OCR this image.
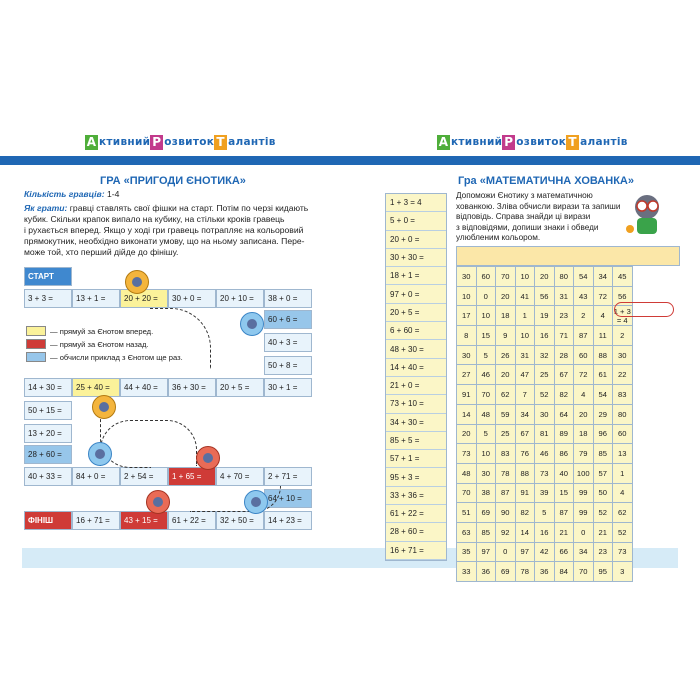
А ктивний Р озвиток Т алантів	А ктивний Р озвиток Т алантів
ГРА «ПРИГОДИ ЄНОТИКА»
Кількість гравців: 1-4
Як грати: гравці ставлять свої фішки на старт. Потім по черзі кидають
кубик. Скільки крапок випало на кубику, на стільки кроків гравець
і рухається вперед. Якщо у ході гри гравець потрапляє на кольоровий
прямокутник, необхідно виконати умову, що на ньому записана. Пере-
може той, хто перший дійде до фінішу.
СТАРТ
3 + 3 =	13 + 1 =	20 + 20 =	30 + 0 =	20 + 10 =	38 + 0 =
60 + 6 =
40 + 3 =
50 + 8 =
— прямуй за Єнотом вперед.
— прямуй за Єнотом назад.
— обчисли приклад з Єнотом ще раз.
14 + 30 =	25 + 40 =	44 + 40 =	36 + 30 =	20 + 5 =	30 + 1 =
50 + 15 =
13 + 20 =
28 + 60 =
40 + 33 =	84 + 0 =	2 + 54 =	1 + 65 =	4 + 70 =	2 + 71 =
64 + 10 =
ФІНІШ	16 + 71 =	43 + 15 =	61 + 22 =	32 + 50 =	14 + 23 =
Гра «МАТЕМАТИЧНА ХОВАНКА»
Допоможи Єнотику з математичною
хованкою. Зліва обчисли вирази та запиши
відповідь. Справа знайди ці вирази
з відповідями, допиши знаки і обведи
улюбленим кольором.
1 + 3 = 4
5 + 0 =
20 + 0 =
30 + 30 =
18 + 1 =
97 + 0 =
20 + 5 =
6 + 60 =
48 + 30 =
14 + 40 =
21 + 0 =
73 + 10 =
34 + 30 =
85 + 5 =
57 + 1 =
95 + 3 =
33 + 36 =
61 + 22 =
28 + 60 =
16 + 71 =
30	60	70	10	20	80	54	34	45
10	0	20	41	56	31	43	72	56
17	10	18	1	19	23	2	4	1 + 3 = 4
8	15	9	10	16	71	87	11	2
30	5	26	31	32	28	60	88	30
27	46	20	47	25	67	72	61	22
91	70	62	7	52	82	4	54	83
14	48	59	34	30	64	20	29	80
20	5	25	67	81	89	18	96	60
73	10	83	76	46	86	79	85	13
48	30	78	88	73	40	100	57	1
70	38	87	91	39	15	99	50	4
51	69	90	82	5	87	99	52	62
63	85	92	14	16	21	0	21	52
35	97	0	97	42	66	34	23	73
33	36	69	78	36	84	70	95	3
